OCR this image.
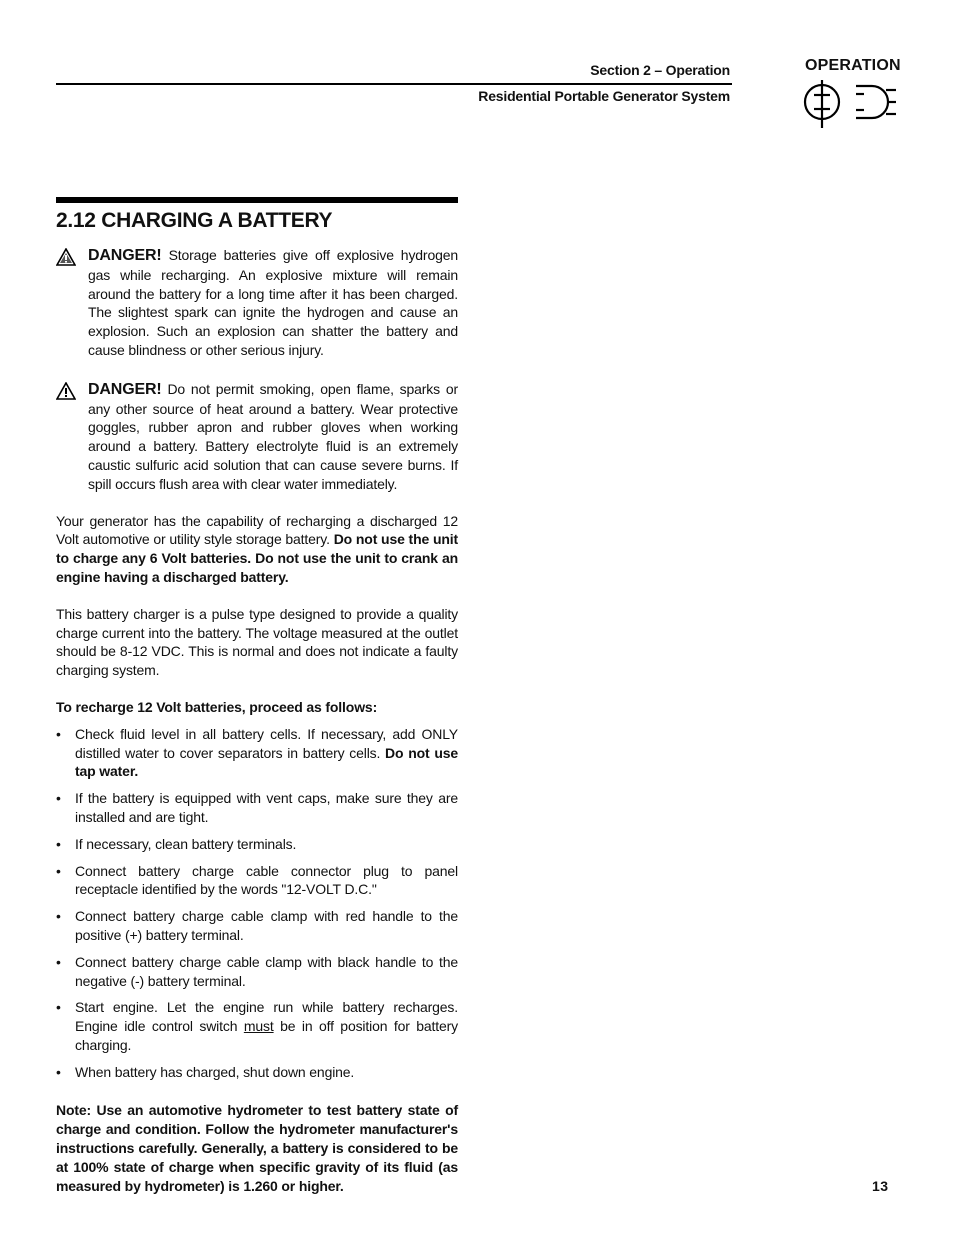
Section 2 – Operation
Residential Portable Generator System
OPERATION
2.12 CHARGING A BATTERY

DANGER! Storage batteries give off explosive hydrogen gas while recharging. An explosive mixture will remain around the battery for a long time after it has been charged. The slightest spark can ignite the hydrogen and cause an explosion. Such an explosion can shatter the battery and cause blindness or other serious injury.

DANGER! Do not permit smoking, open flame, sparks or any other source of heat around a battery. Wear protective goggles, rubber apron and rubber gloves when working around a battery. Battery electrolyte fluid is an extremely caustic sulfuric acid solution that can cause severe burns. If spill occurs flush area with clear water immediately.

Your generator has the capability of recharging a discharged 12 Volt automotive or utility style storage battery. Do not use the unit to charge any 6 Volt batteries. Do not use the unit to crank an engine having a discharged battery.

This battery charger is a pulse type designed to provide a quality charge current into the battery. The voltage measured at the outlet should be 8-12 VDC. This is normal and does not indicate a faulty charging system.

To recharge 12 Volt batteries, proceed as follows:

• Check fluid level in all battery cells. If necessary, add ONLY distilled water to cover separators in battery cells. Do not use tap water.
• If the battery is equipped with vent caps, make sure they are installed and are tight.
• If necessary, clean battery terminals.
• Connect battery charge cable connector plug to panel receptacle identified by the words "12-VOLT D.C."
• Connect battery charge cable clamp with red handle to the positive (+) battery terminal.
• Connect battery charge cable clamp with black handle to the negative (-) battery terminal.
• Start engine. Let the engine run while battery recharges. Engine idle control switch must be in off position for battery charging.
• When battery has charged, shut down engine.

Note: Use an automotive hydrometer to test battery state of charge and condition. Follow the hydrometer manufacturer's instructions carefully. Generally, a battery is considered to be at 100% state of charge when specific gravity of its fluid (as measured by hydrometer) is 1.260 or higher.	13
